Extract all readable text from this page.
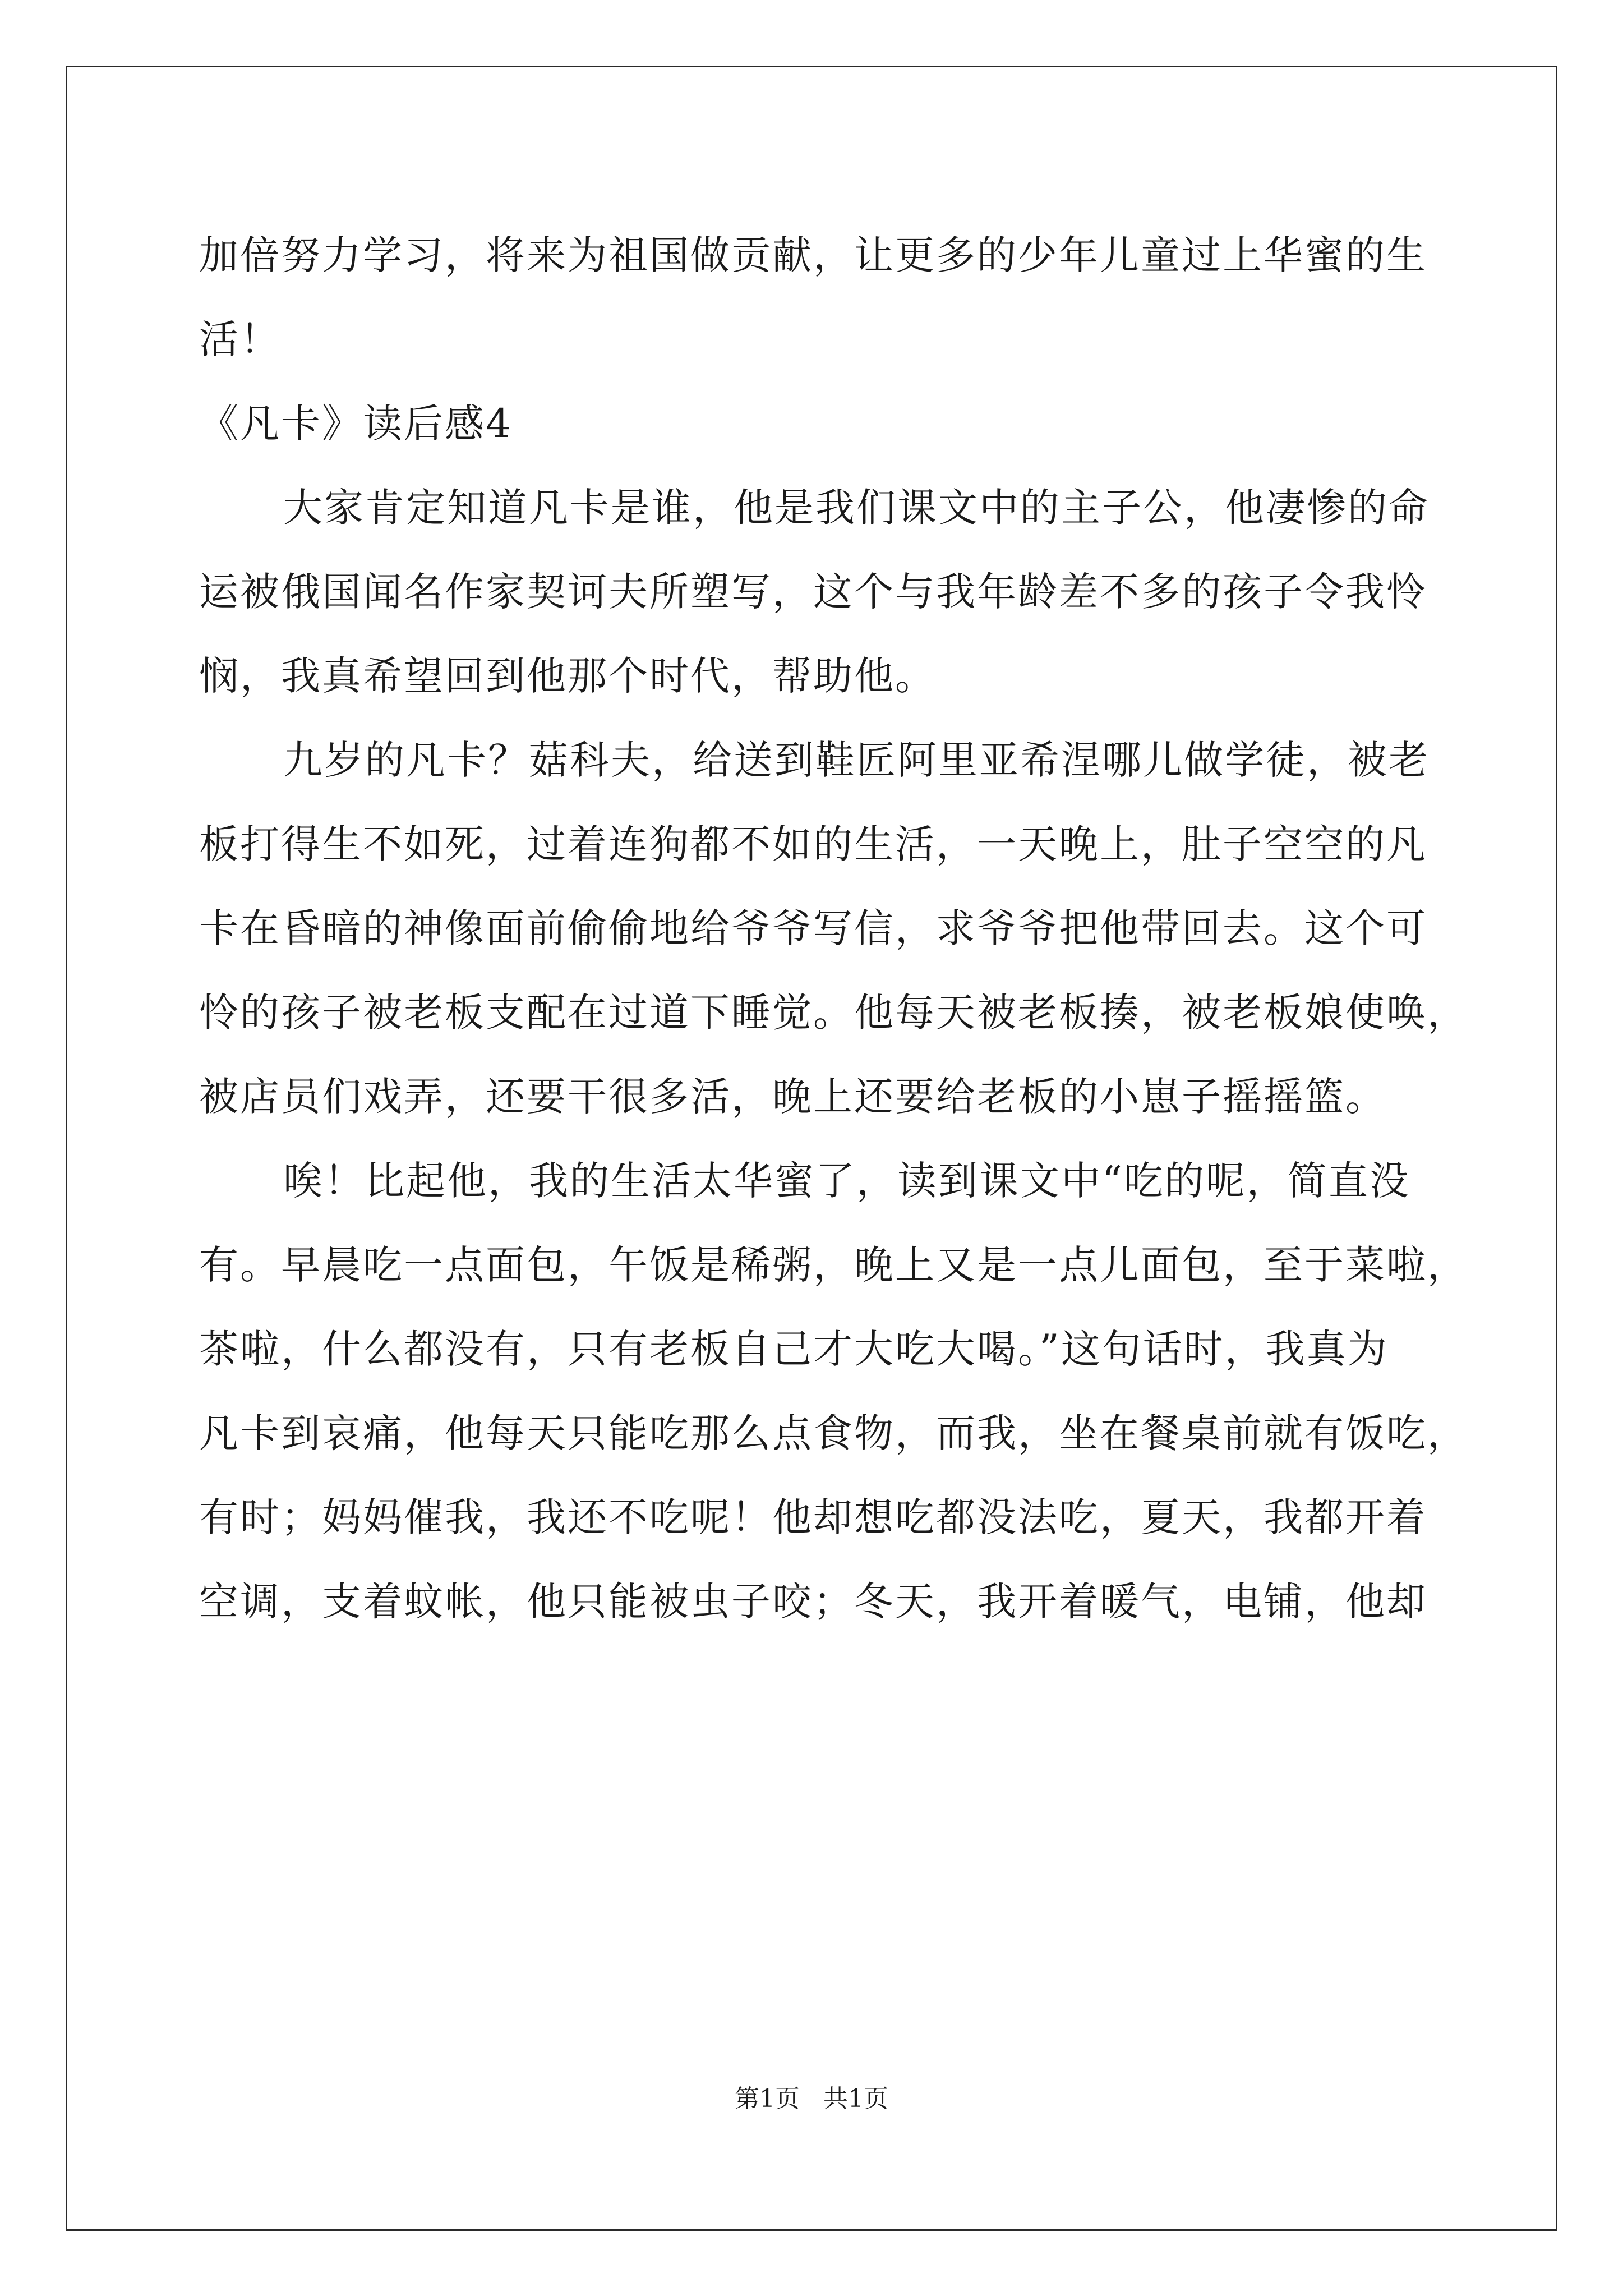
加倍努力学习，将来为祖国做贡献，让更多的少年儿童过上华蜜的生
活！
《凡卡》读后感4
大家肯定知道凡卡是谁，他是我们课文中的主子公，他凄惨的命
运被俄国闻名作家契诃夫所塑写，这个与我年龄差不多的孩子令我怜
悯，我真希望回到他那个时代，帮助他。
九岁的凡卡？菇科夫，给送到鞋匠阿里亚希涅哪儿做学徒，被老
板打得生不如死，过着连狗都不如的生活，一天晚上，肚子空空的凡
卡在昏暗的神像面前偷偷地给爷爷写信，求爷爷把他带回去。这个可
怜的孩子被老板支配在过道下睡觉。他每天被老板揍，被老板娘使唤，
被店员们戏弄，还要干很多活，晚上还要给老板的小崽子摇摇篮。
唉！比起他，我的生活太华蜜了，读到课文中“吃的呢，简直没
有。早晨吃一点面包，午饭是稀粥，晚上又是一点儿面包，至于菜啦，
茶啦，什么都没有，只有老板自己才大吃大喝。”这句话时，我真为
凡卡到哀痛，他每天只能吃那么点食物，而我，坐在餐桌前就有饭吃，
有时；妈妈催我，我还不吃呢！他却想吃都没法吃，夏天，我都开着
空调，支着蚊帐，他只能被虫子咬；冬天，我开着暖气，电铺，他却
第1页   共1页
